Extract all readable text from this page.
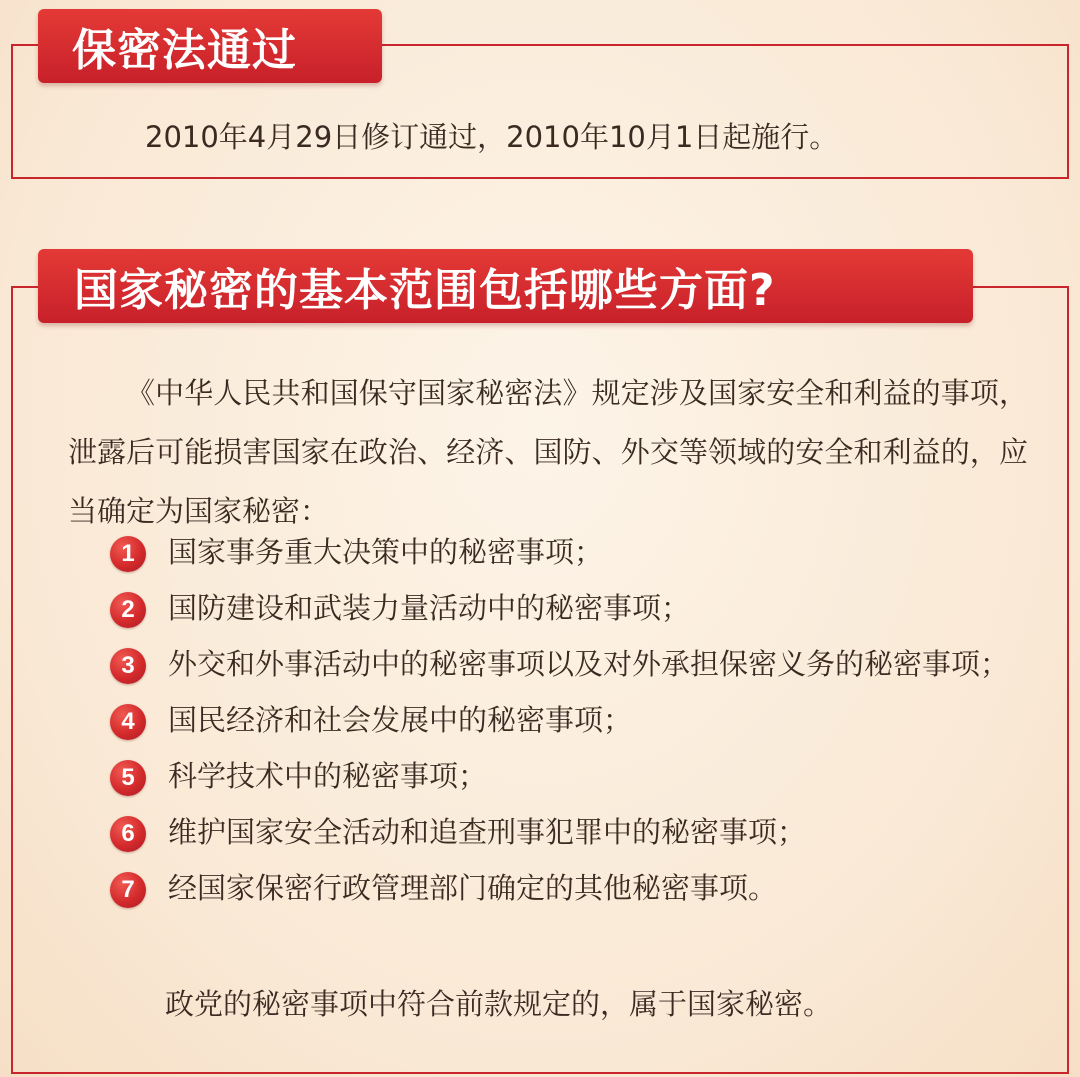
保密法通过
2010年4月29日修订通过，2010年10月1日起施行。
国家秘密的基本范围包括哪些方面?

《中华人民共和国保守国家秘密法》规定涉及国家安全和利益的事项，泄露后可能损害国家在政治、经济、国防、外交等领域的安全和利益的，应当确定为国家秘密：

1	国家事务重大决策中的秘密事项；
2	国防建设和武装力量活动中的秘密事项；
3	外交和外事活动中的秘密事项以及对外承担保密义务的秘密事项；
4	国民经济和社会发展中的秘密事项；
5	科学技术中的秘密事项；
6	维护国家安全活动和追查刑事犯罪中的秘密事项；
7	经国家保密行政管理部门确定的其他秘密事项。
政党的秘密事项中符合前款规定的，属于国家秘密。
